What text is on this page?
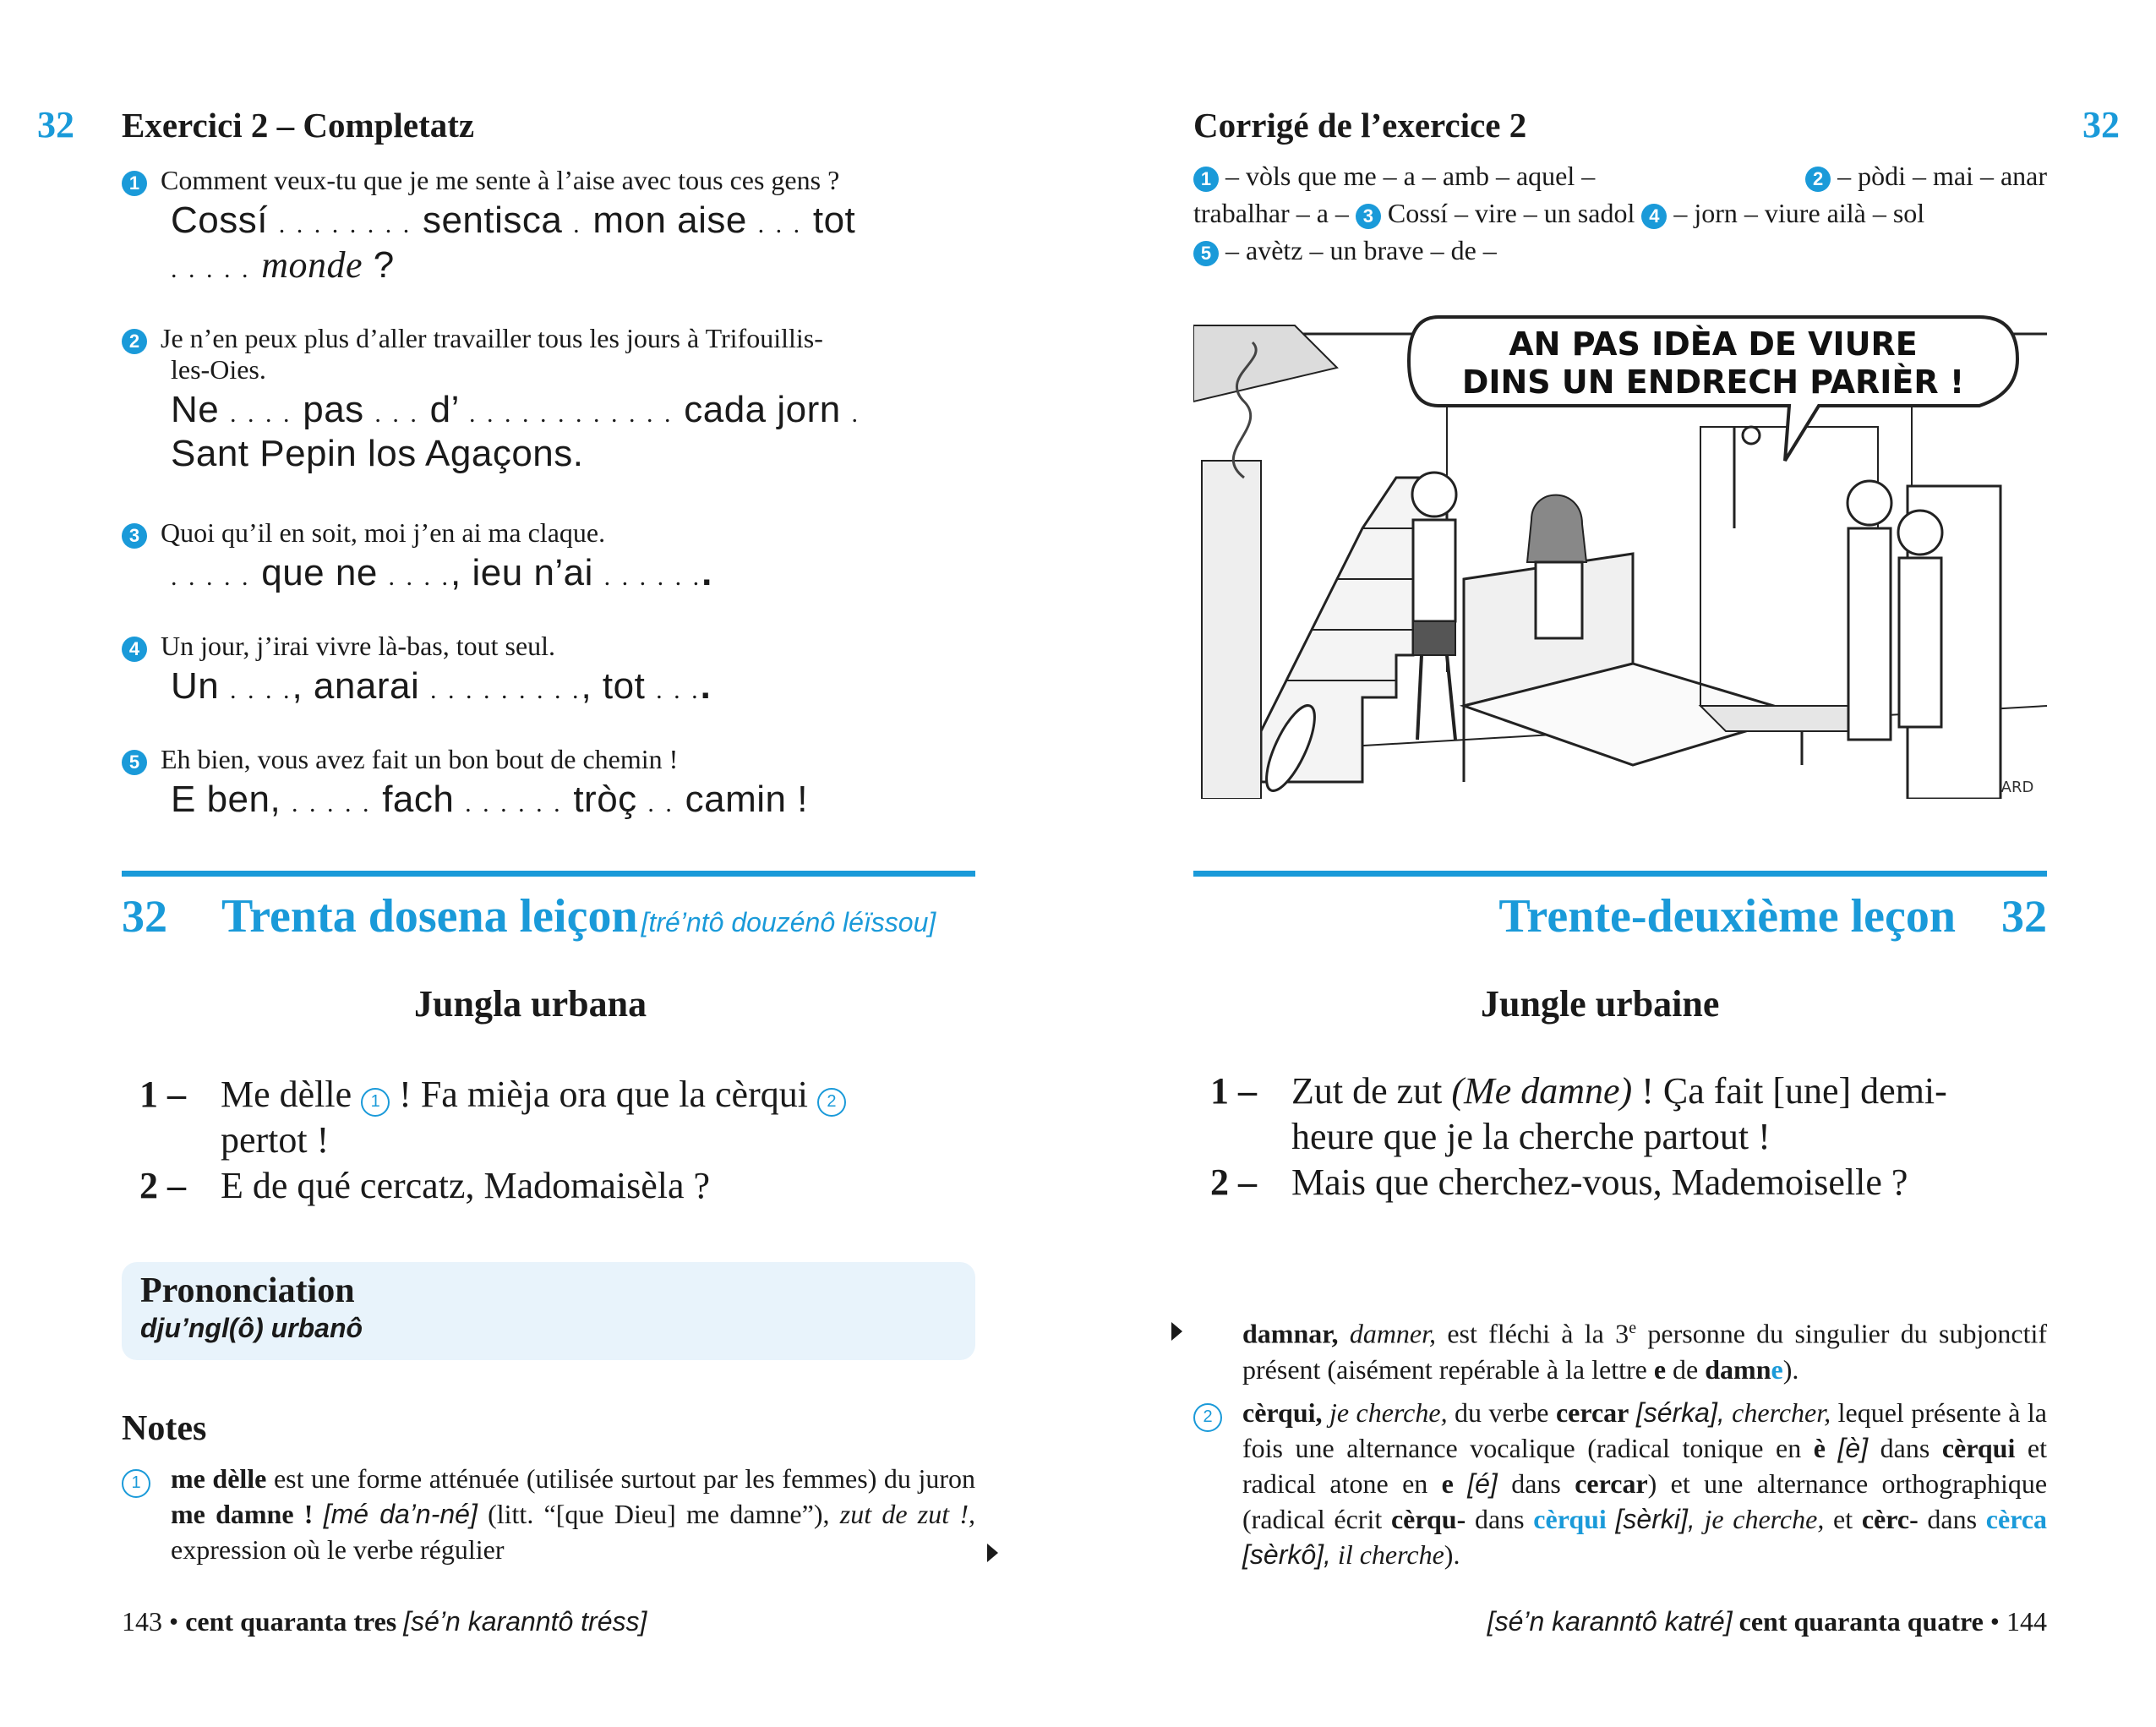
32 Exercici 2 – Completatz
1 Comment veux-tu que je me sente à l’aise avec tous ces gens ?
Cossí . . . . . . . . sentisca . mon aise . . . tot
. . . . . monde ?
2 Je n’en peux plus d’aller travailler tous les jours à Trifouillis-
les-Oies.
Ne . . . . pas . . . d’ . . . . . . . . . . . . cada jorn .
Sant Pepin los Agaçons.
3 Quoi qu’il en soit, moi j’en ai ma claque.
. . . . . que ne . . . ., ieu n’ai . . . . . ..
4 Un jour, j’irai vivre là-bas, tout seul.
Un . . . ., anarai . . . . . . . . ., tot . . ..
5 Eh bien, vous avez fait un bon bout de chemin !
E ben, . . . . . fach . . . . . . tròç . . camin !
32 Trenta dosena leiçon [tré’ntô douzénô léïssou]
Jungla urbana
1 – Me dèlle 1 ! Fa mièja ora que la cèrqui 2
pertot !
2 – E de qué cercatz, Madomaisèla ?
Prononciation
dju’ngl(ô) urbanô
Notes
1	me dèlle est une forme atténuée (utilisée surtout par les femmes) du juron me damne ! [mé da’n-né] (litt. “[que Dieu] me damne”), zut de zut !, expression où le verbe régulier
143 • cent quaranta tres [sé’n karanntô tréss]
Corrigé de l’exercice 2	32
1 – vòls que me – a – amb – aquel –	2 – pòdi – mai – anar
trabalhar – a – 3 Cossí – vire – un sadol 4 – jorn – viure ailà – sol
5 – avètz – un brave – de –
AN PAS IDÈA DE VIURE
DINS UN ENDRECH PARIÈR !
ARD
Trente-deuxième leçon 32
Jungle urbaine
1 – Zut de zut (Me damne) ! Ça fait [une] demi-
heure que je la cherche partout !
2 – Mais que cherchez-vous, Mademoiselle ?
damnar, damner, est fléchi à la 3e personne du singulier du subjonctif présent (aisément repérable à la lettre e de damne).
2	cèrqui, je cherche, du verbe cercar [sérka], chercher, lequel présente à la fois une alternance vocalique (radical tonique en è [è] dans cèrqui et radical atone en e [é] dans cercar) et une alternance orthographique (radical écrit cèrqu- dans cèrqui [sèrki], je cherche, et cèrc- dans cèrca [sèrkô], il cherche).
[sé’n karanntô katré] cent quaranta quatre • 144
